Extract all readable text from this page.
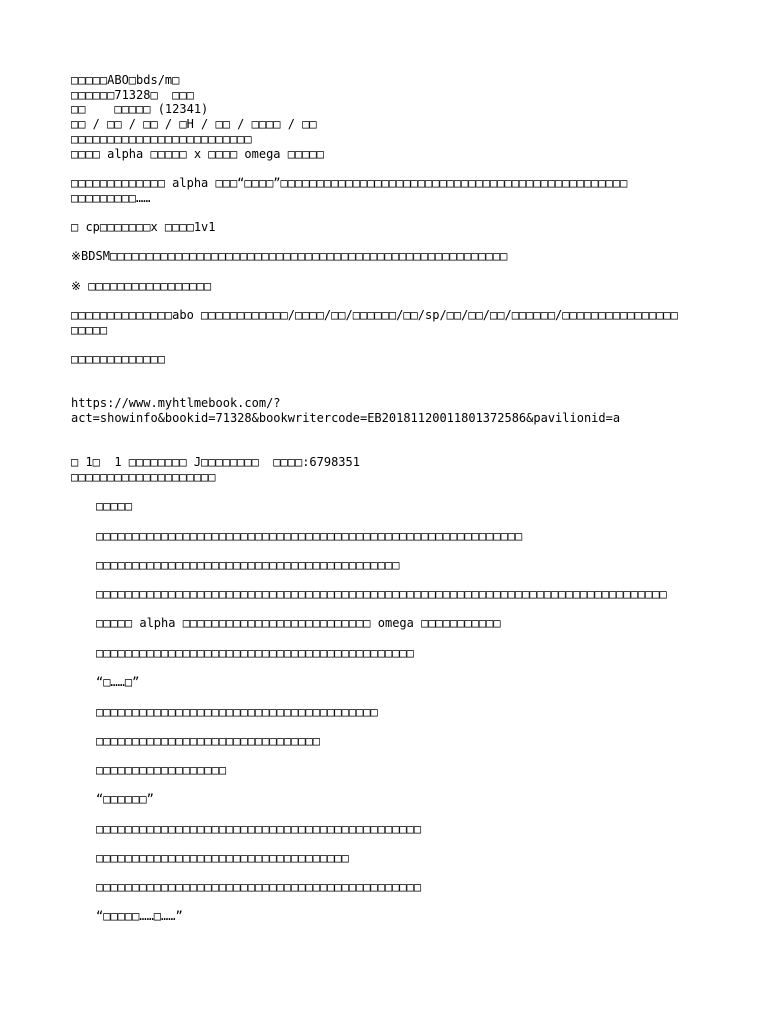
□□□□□ABO□bds/m□
□□□□□□71328□  □□□
□□    □□□□□ (12341)
□□ / □□ / □□ / □H / □□ / □□□□ / □□
□□□□□□□□□□□□□□□□□□□□□□□□□
□□□□ alpha □□□□□ x □□□□ omega □□□□□
□□□□□□□□□□□□□ alpha □□□“□□□□”□□□□□□□□□□□□□□□□□□□□□□□□□□□□□□□□□□□□□□□□□□□□□□□□
□□□□□□□□□……
□ cp□□□□□□□x □□□□1v1
※BDSM□□□□□□□□□□□□□□□□□□□□□□□□□□□□□□□□□□□□□□□□□□□□□□□□□□□□□□□
※ □□□□□□□□□□□□□□□□□
□□□□□□□□□□□□□□abo □□□□□□□□□□□□/□□□□/□□/□□□□□□/□□/sp/□□/□□/□□/□□□□□□/□□□□□□□□□□□□□□□□
□□□□□
□□□□□□□□□□□□□
https://www.myhtlmebook.com/?
act=showinfo&bookid=71328&bookwritercode=EB20181120011801372586&pavilionid=a
□ 1□  1 □□□□□□□□ J□□□□□□□□  □□□□:6798351
□□□□□□□□□□□□□□□□□□□□
□□□□□
□□□□□□□□□□□□□□□□□□□□□□□□□□□□□□□□□□□□□□□□□□□□□□□□□□□□□□□□□□□
□□□□□□□□□□□□□□□□□□□□□□□□□□□□□□□□□□□□□□□□□□
□□□□□□□□□□□□□□□□□□□□□□□□□□□□□□□□□□□□□□□□□□□□□□□□□□□□□□□□□□□□□□□□□□□□□□□□□□□□□□□
□□□□□ alpha □□□□□□□□□□□□□□□□□□□□□□□□□□ omega □□□□□□□□□□□
□□□□□□□□□□□□□□□□□□□□□□□□□□□□□□□□□□□□□□□□□□□□
“□……□”
□□□□□□□□□□□□□□□□□□□□□□□□□□□□□□□□□□□□□□□
□□□□□□□□□□□□□□□□□□□□□□□□□□□□□□□
□□□□□□□□□□□□□□□□□□
“□□□□□□”
□□□□□□□□□□□□□□□□□□□□□□□□□□□□□□□□□□□□□□□□□□□□□
□□□□□□□□□□□□□□□□□□□□□□□□□□□□□□□□□□□
□□□□□□□□□□□□□□□□□□□□□□□□□□□□□□□□□□□□□□□□□□□□□
“□□□□□……□……”
